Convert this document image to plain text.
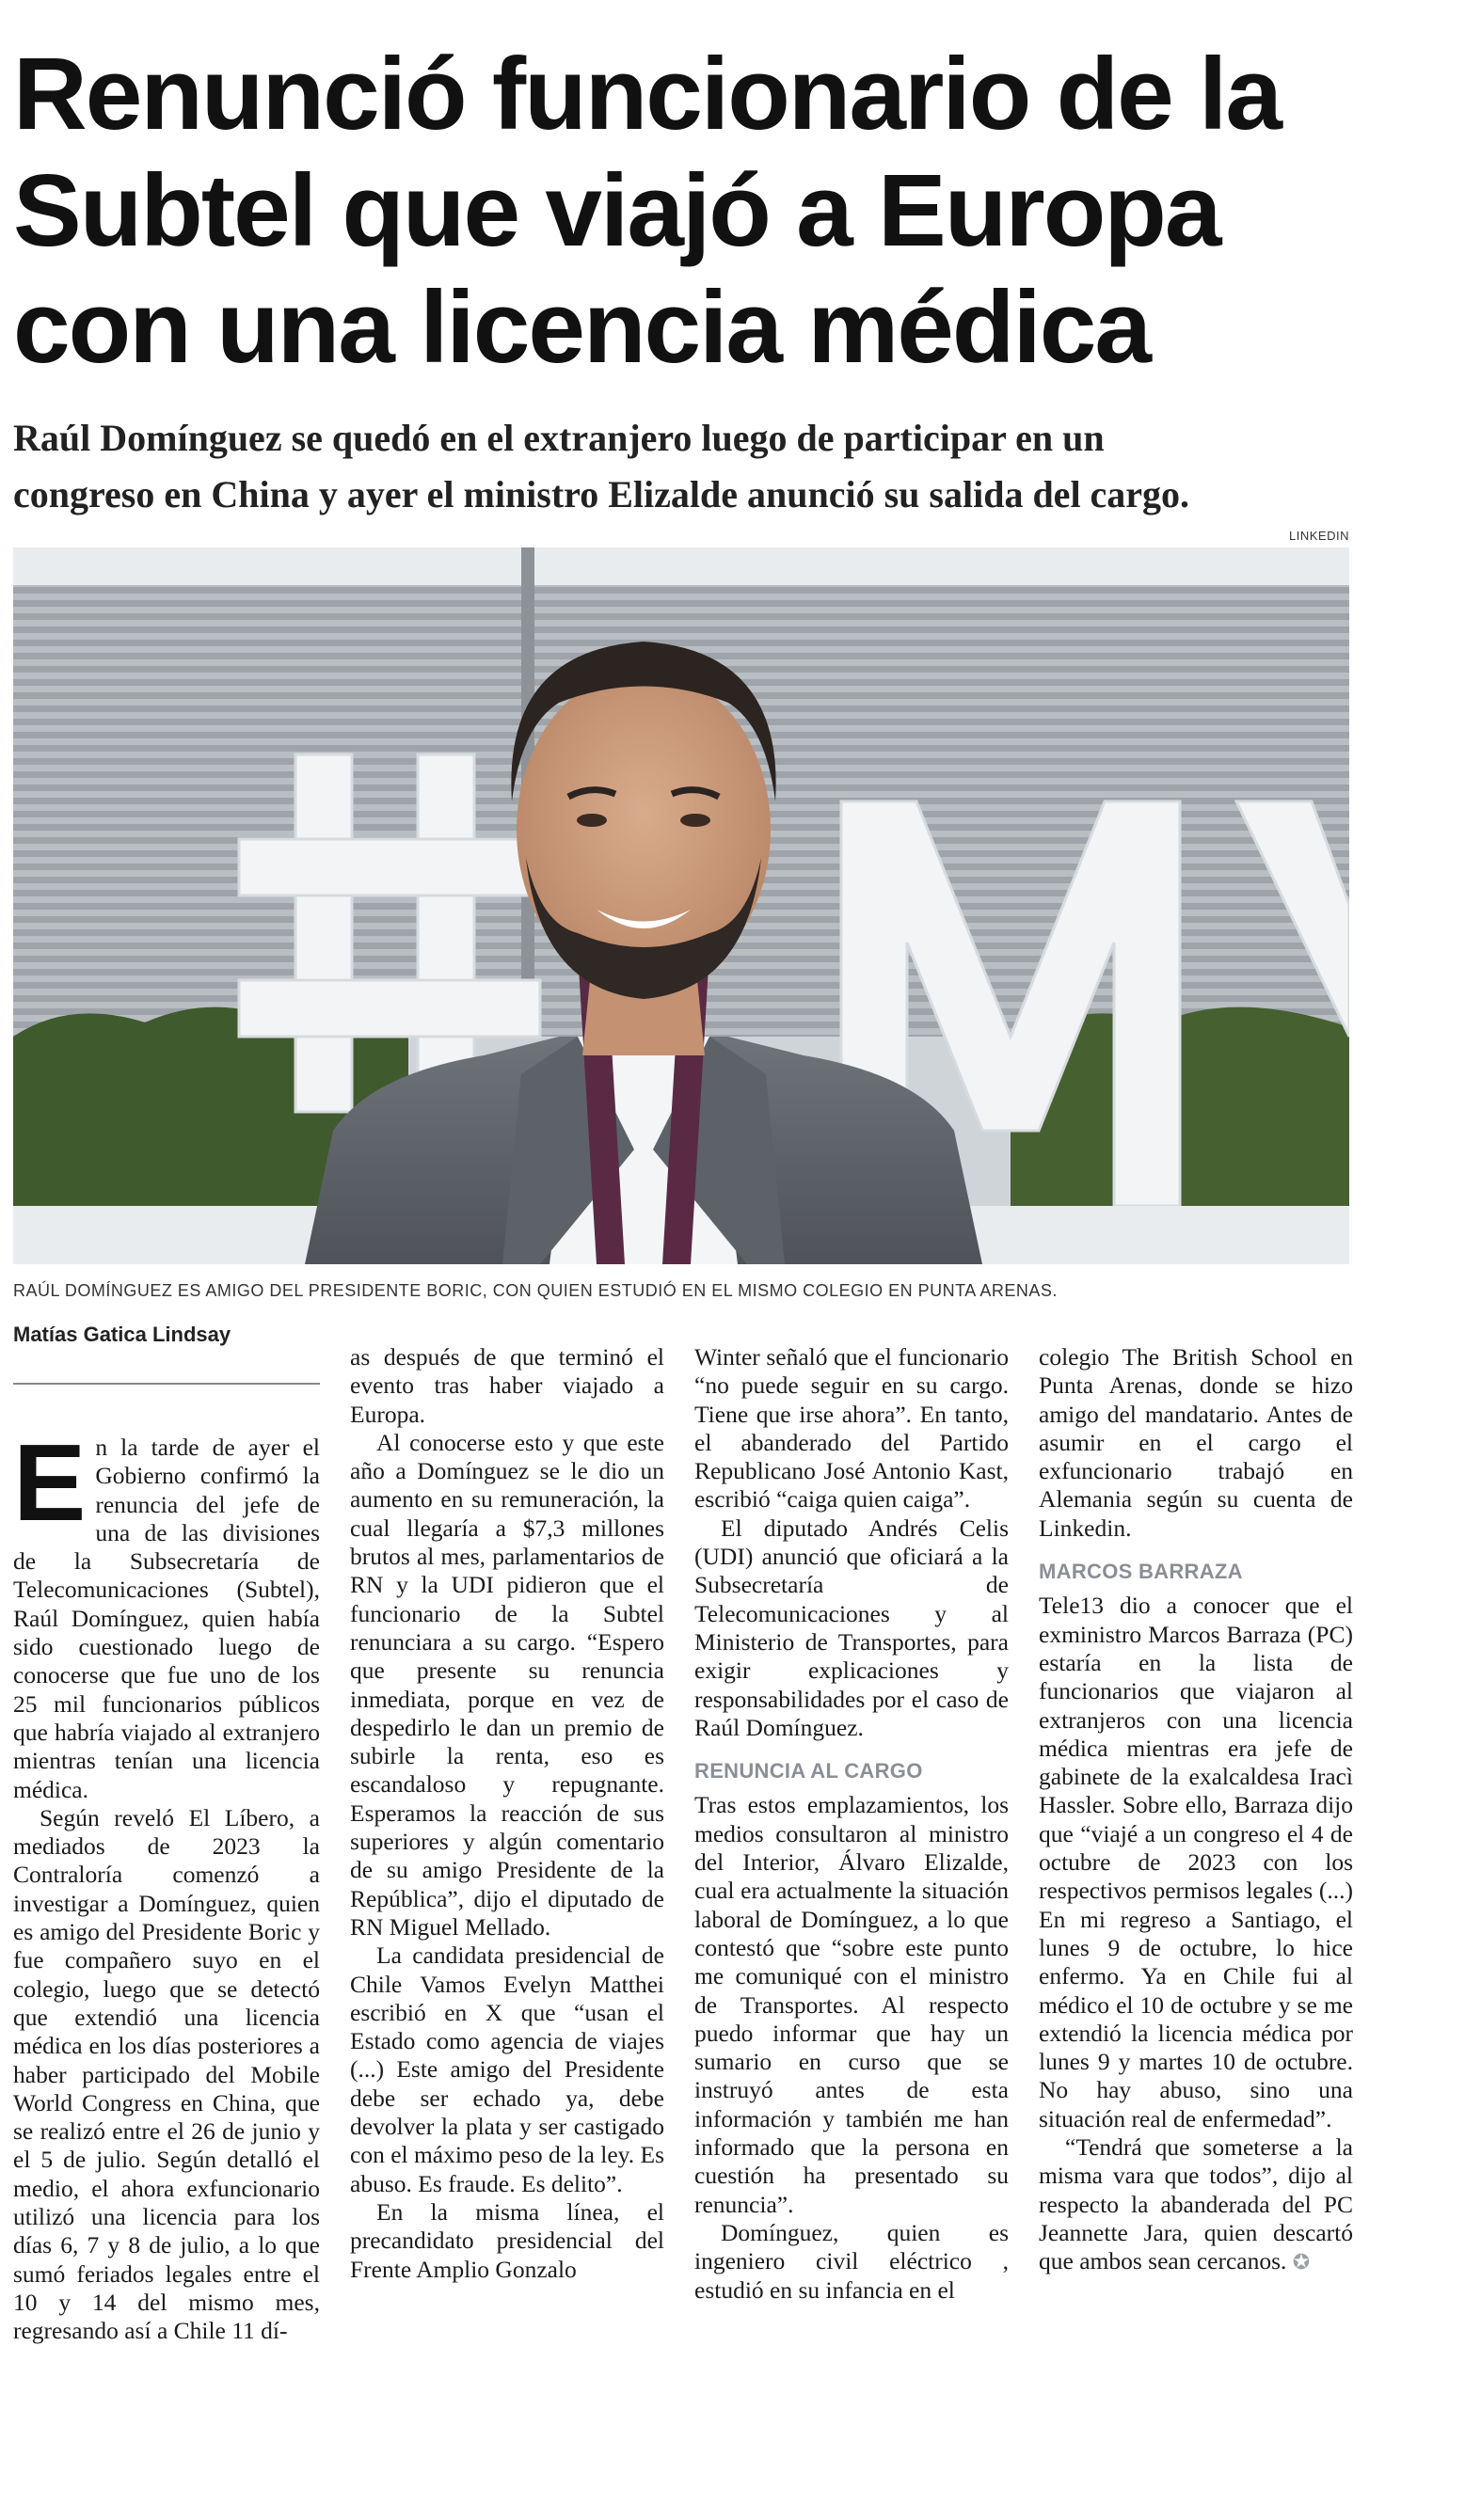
Renunció funcionario de la
Subtel que viajó a Europa
con una licencia médica
Raúl Domínguez se quedó en el extranjero luego de participar en un
congreso en China y ayer el ministro Elizalde anunció su salida del cargo.
LINKEDIN
RAÚL DOMÍNGUEZ ES AMIGO DEL PRESIDENTE BORIC, CON QUIEN ESTUDIÓ EN EL MISMO COLEGIO EN PUNTA ARENAS.
Matías Gatica Lindsay

En la tarde de ayer el Gobierno confirmó la renuncia del jefe de una de las divisiones de la Subsecretaría de Telecomunicaciones (Subtel), Raúl Domínguez, quien había sido cuestionado luego de conocerse que fue uno de los 25 mil funcionarios públicos que habría viajado al extranjero mientras tenían una licencia médica.

Según reveló El Líbero, a mediados de 2023 la Contraloría comenzó a investigar a Domínguez, quien es amigo del Presidente Boric y fue compañero suyo en el colegio, luego que se detectó que extendió una licencia médica en los días posteriores a haber participado del Mobile World Congress en China, que se realizó entre el 26 de junio y el 5 de julio. Según detalló el medio, el ahora exfuncionario utilizó una licencia para los días 6, 7 y 8 de julio, a lo que sumó feriados legales entre el 10 y 14 del mismo mes, regresando así a Chile 11 dí-

as después de que terminó el evento tras haber viajado a Europa.

Al conocerse esto y que este año a Domínguez se le dio un aumento en su remuneración, la cual llegaría a $7,3 millones brutos al mes, parlamentarios de RN y la UDI pidieron que el funcionario de la Subtel renunciara a su cargo. “Espero que presente su renuncia inmediata, porque en vez de despedirlo le dan un premio de subirle la renta, eso es escandaloso y repugnante. Esperamos la reacción de sus superiores y algún comentario de su amigo Presidente de la República”, dijo el diputado de RN Miguel Mellado.

La candidata presidencial de Chile Vamos Evelyn Matthei escribió en X que “usan el Estado como agencia de viajes (...) Este amigo del Presidente debe ser echado ya, debe devolver la plata y ser castigado con el máximo peso de la ley. Es abuso. Es fraude. Es delito”.

En la misma línea, el precandidato presidencial del Frente Amplio Gonzalo

Winter señaló que el funcionario “no puede seguir en su cargo. Tiene que irse ahora”. En tanto, el abanderado del Partido Republicano José Antonio Kast, escribió “caiga quien caiga”.

El diputado Andrés Celis (UDI) anunció que oficiará a la Subsecretaría de Telecomunicaciones y al Ministerio de Transportes, para exigir explicaciones y responsabilidades por el caso de Raúl Domínguez.

RENUNCIA AL CARGO

Tras estos emplazamientos, los medios consultaron al ministro del Interior, Álvaro Elizalde, cual era actualmente la situación laboral de Domínguez, a lo que contestó que “sobre este punto me comuniqué con el ministro de Transportes. Al respecto puedo informar que hay un sumario en curso que se instruyó antes de esta información y también me han informado que la persona en cuestión ha presentado su renuncia”.

Domínguez, quien es ingeniero civil eléctrico , estudió en su infancia en el

colegio The British School en Punta Arenas, donde se hizo amigo del mandatario. Antes de asumir en el cargo el exfuncionario trabajó en Alemania según su cuenta de Linkedin.

MARCOS BARRAZA

Tele13 dio a conocer que el exministro Marcos Barraza (PC) estaría en la lista de funcionarios que viajaron al extranjeros con una licencia médica mientras era jefe de gabinete de la exalcaldesa Iracì Hassler. Sobre ello, Barraza dijo que “viajé a un congreso el 4 de octubre de 2023 con los respectivos permisos legales (...) En mi regreso a Santiago, el lunes 9 de octubre, lo hice enfermo. Ya en Chile fui al médico el 10 de octubre y se me extendió la licencia médica por lunes 9 y martes 10 de octubre. No hay abuso, sino una situación real de enfermedad”.

“Tendrá que someterse a la misma vara que todos”, dijo al respecto la abanderada del PC Jeannette Jara, quien descartó que ambos sean cercanos. ✪
